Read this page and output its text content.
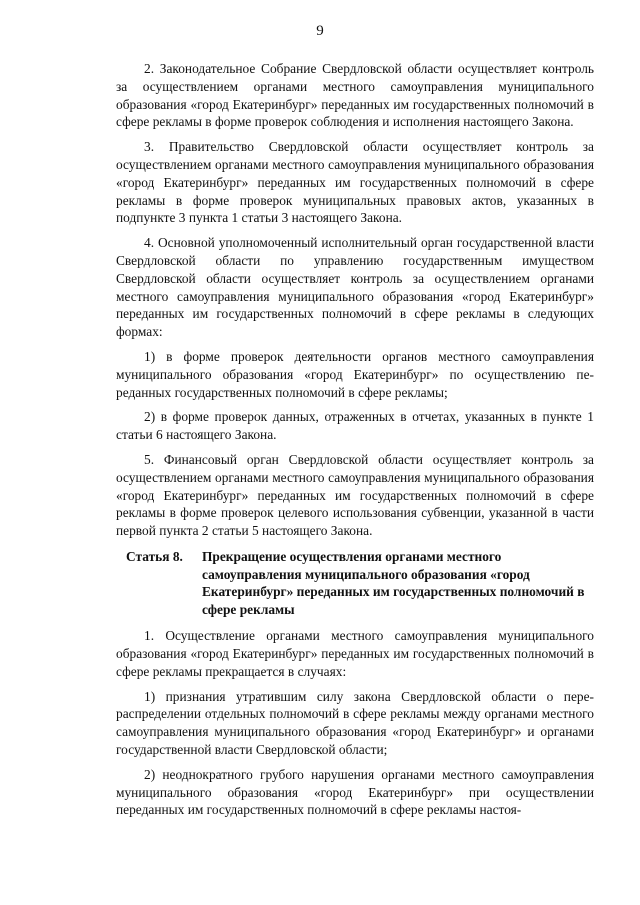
9

2. Законодательное Собрание Свердловской области осуществляет контроль за осуществлением органами местного самоуправления муниципального образования «город Екатеринбург» переданных им государственных полномочий в сфере рекламы в форме проверок соблюдения и исполнения настоящего Закона.

3. Правительство Свердловской области осуществляет контроль за осуществлением органами местного самоуправления муниципального образования «город Екатеринбург» переданных им государственных полномочий в сфере рекламы в форме проверок муниципальных правовых актов, указанных в подпункте 3 пункта 1 статьи 3 настоящего Закона.

4. Основной уполномоченный исполнительный орган государственной власти Свердловской области по управлению государственным имуществом Свердловской области осуществляет контроль за осуществлением органами местного самоуправления муниципального образования «город Екатеринбург» переданных им государственных полномочий в сфере рекламы в следующих формах:

1) в форме проверок деятельности органов местного самоуправления муниципального образования «город Екатеринбург» по осуществлению переданных государственных полномочий в сфере рекламы;

2) в форме проверок данных, отраженных в отчетах, указанных в пункте 1 статьи 6 настоящего Закона.

5. Финансовый орган Свердловской области осуществляет контроль за осуществлением органами местного самоуправления муниципального образования «город Екатеринбург» переданных им государственных полномочий в сфере рекламы в форме проверок целевого использования субвенции, указанной в части первой пункта 2 статьи 5 настоящего Закона.

Статья 8.	Прекращение осуществления органами местного самоуправления муниципального образования «город Екатеринбург» переданных им государственных полномочий в сфере рекламы

1. Осуществление органами местного самоуправления муниципального образования «город Екатеринбург» переданных им государственных полномочий в сфере рекламы прекращается в случаях:

1) признания утратившим силу закона Свердловской области о перераспределении отдельных полномочий в сфере рекламы между органами местного самоуправления муниципального образования «город Екатеринбург» и органами государственной власти Свердловской области;

2) неоднократного грубого нарушения органами местного самоуправления муниципального образования «город Екатеринбург» при осуществлении переданных им государственных полномочий в сфере рекламы настоя-
